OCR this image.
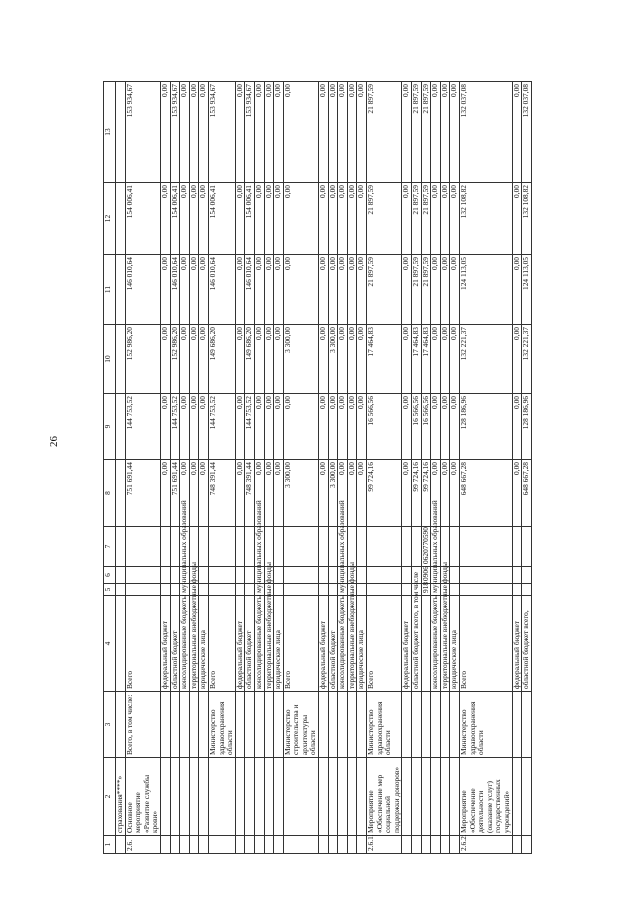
26
1	2	3	4	5	6	7	8	9	10	11	12	13
	страхования****»											
2.6.	Основное мероприятие «Развитие службы крови»	Всего, в том числе:	Всего				751 691,44	144 753,52	152 986,20	146 010,64	154 006,41	153 934,67
			федеральный бюджет				0,00	0,00	0,00	0,00	0,00	0,00
			областной бюджет				751 691,44	144 753,52	152 986,20	146 010,64	154 006,41	153 934,67
			консолидированные бюджеты муниципальных образований				0,00	0,00	0,00	0,00	0,00	0,00
			территориальные внебюджетные фонды				0,00	0,00	0,00	0,00	0,00	0,00
			юридические лица				0,00	0,00	0,00	0,00	0,00	0,00
		Министерство здравоохранения области	Всего				748 391,44	144 753,52	149 686,20	146 010,64	154 006,41	153 934,67
			федеральный бюджет				0,00	0,00	0,00	0,00	0,00	0,00
			областной бюджет				748 391,44	144 753,52	149 686,20	146 010,64	154 006,41	153 934,67
			консолидированные бюджеты муниципальных образований				0,00	0,00	0,00	0,00	0,00	0,00
			территориальные внебюджетные фонды				0,00	0,00	0,00	0,00	0,00	0,00
			юридические лица				0,00	0,00	0,00	0,00	0,00	0,00
		Министерство строительства и архитектуры области	Всего				3 300,00	0,00	3 300,00	0,00	0,00	0,00
			федеральный бюджет				0,00	0,00	0,00	0,00	0,00	0,00
			областной бюджет				3 300,00	0,00	3 300,00	0,00	0,00	0,00
			консолидированные бюджеты муниципальных образований				0,00	0,00	0,00	0,00	0,00	0,00
			территориальные внебюджетные фонды				0,00	0,00	0,00	0,00	0,00	0,00
			юридические лица				0,00	0,00	0,00	0,00	0,00	0,00
2.6.1.	Мероприятие «Обеспечение мер социальной поддержки доноров»	Министерство здравоохранения области	Всего				99 724,16	16 566,56	17 464,83	21 897,59	21 897,59	21 897,59
			федеральный бюджет				0,00	0,00	0,00	0,00	0,00	0,00
			областной бюджет всего, в том числе				99 724,16	16 566,56	17 464,83	21 897,59	21 897,59	21 897,59
				918	0906	0620770590	99 724,16	16 566,56	17 464,83	21 897,59	21 897,59	21 897,59
			консолидированные бюджеты муниципальных образований				0,00	0,00	0,00	0,00	0,00	0,00
			территориальные внебюджетные фонды				0,00	0,00	0,00	0,00	0,00	0,00
			юридические лица				0,00	0,00	0,00	0,00	0,00	0,00
2.6.2.	Мероприятие «Обеспечение деятельности (оказание услуг) государственных учреждений»	Министерство здравоохранения области	Всего				648 667,28	128 186,96	132 221,37	124 113,05	132 108,82	132 037,08
			федеральный бюджет				0,00	0,00	0,00	0,00	0,00	0,00
			областной бюджет всего,				648 667,28	128 186,96	132 221,37	124 113,05	132 108,82	132 037,08
